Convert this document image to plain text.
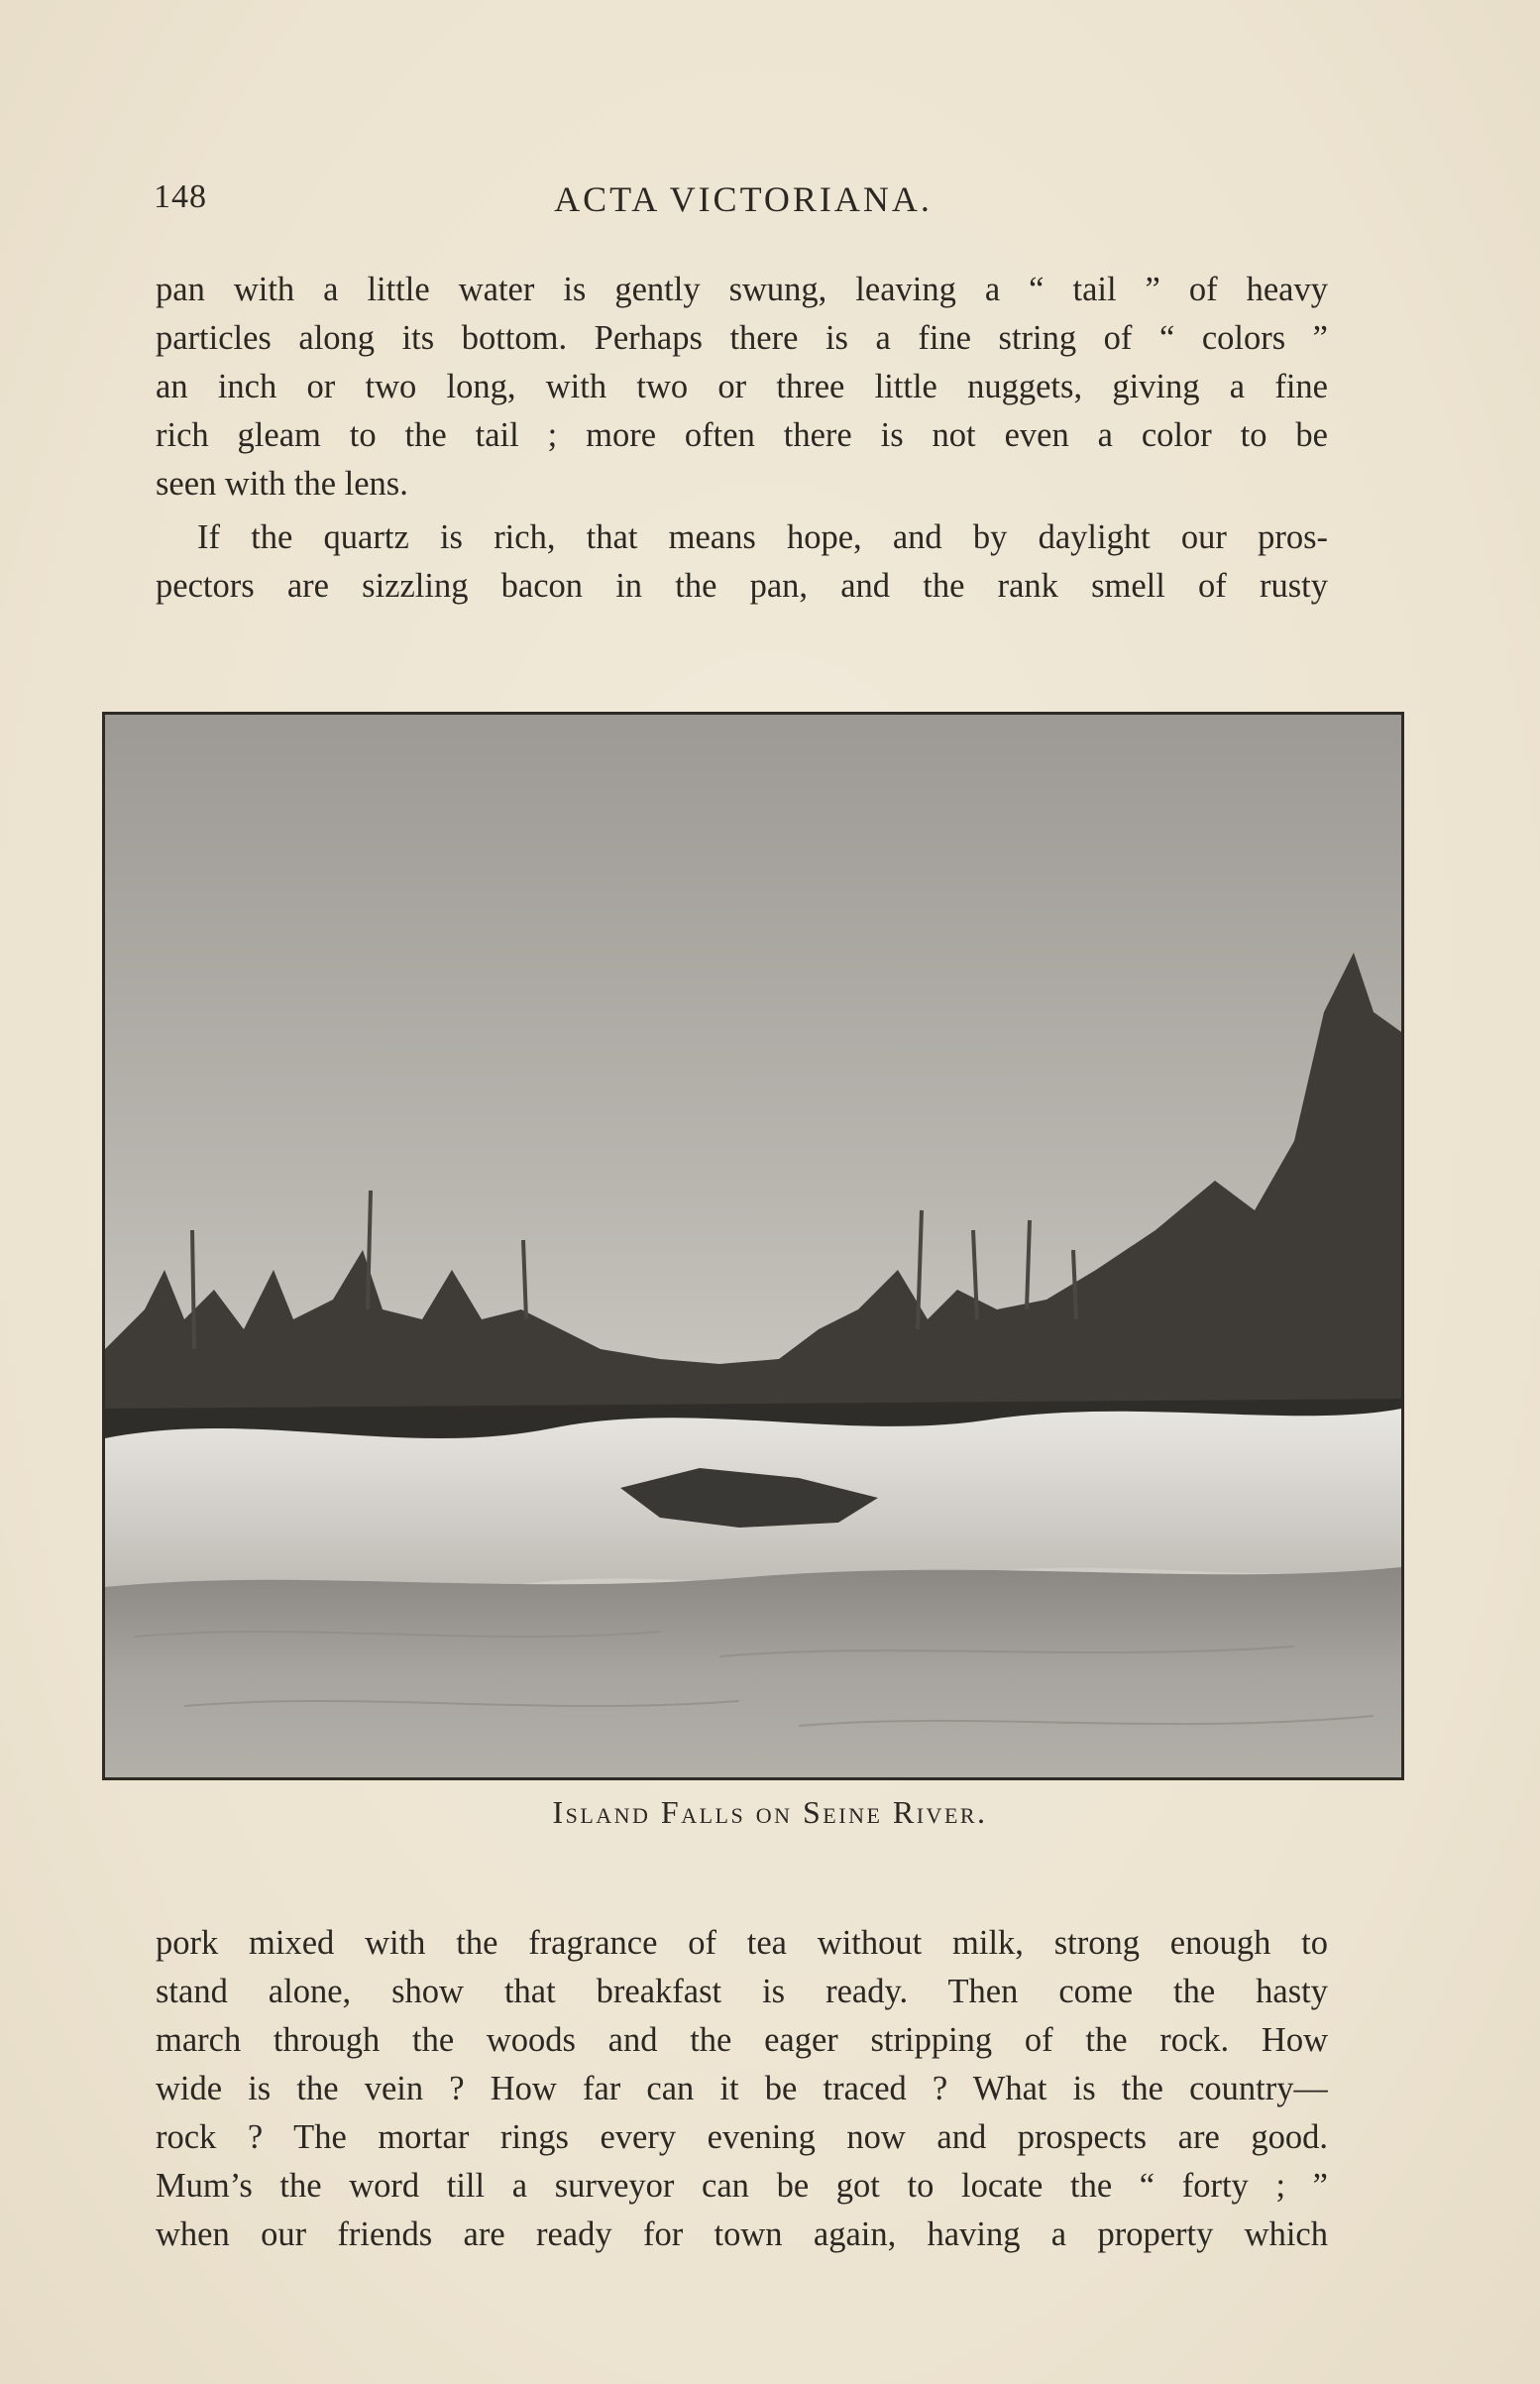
148	ACTA VICTORIANA.
pan with a little water is gently swung, leaving a “ tail ” of heavy
particles along its bottom. Perhaps there is a fine string of “ colors ”
an inch or two long, with two or three little nuggets, giving a fine
rich gleam to the tail ; more often there is not even a color to be
seen with the lens.
If the quartz is rich, that means hope, and by daylight our pros-
pectors are sizzling bacon in the pan, and the rank smell of rusty
Island Falls on Seine River.
pork mixed with the fragrance of tea without milk, strong enough to
stand alone, show that breakfast is ready. Then come the hasty
march through the woods and the eager stripping of the rock. How
wide is the vein ? How far can it be traced ? What is the country—
rock ? The mortar rings every evening now and prospects are good.
Mum’s the word till a surveyor can be got to locate the “ forty ; ”
when our friends are ready for town again, having a property which
